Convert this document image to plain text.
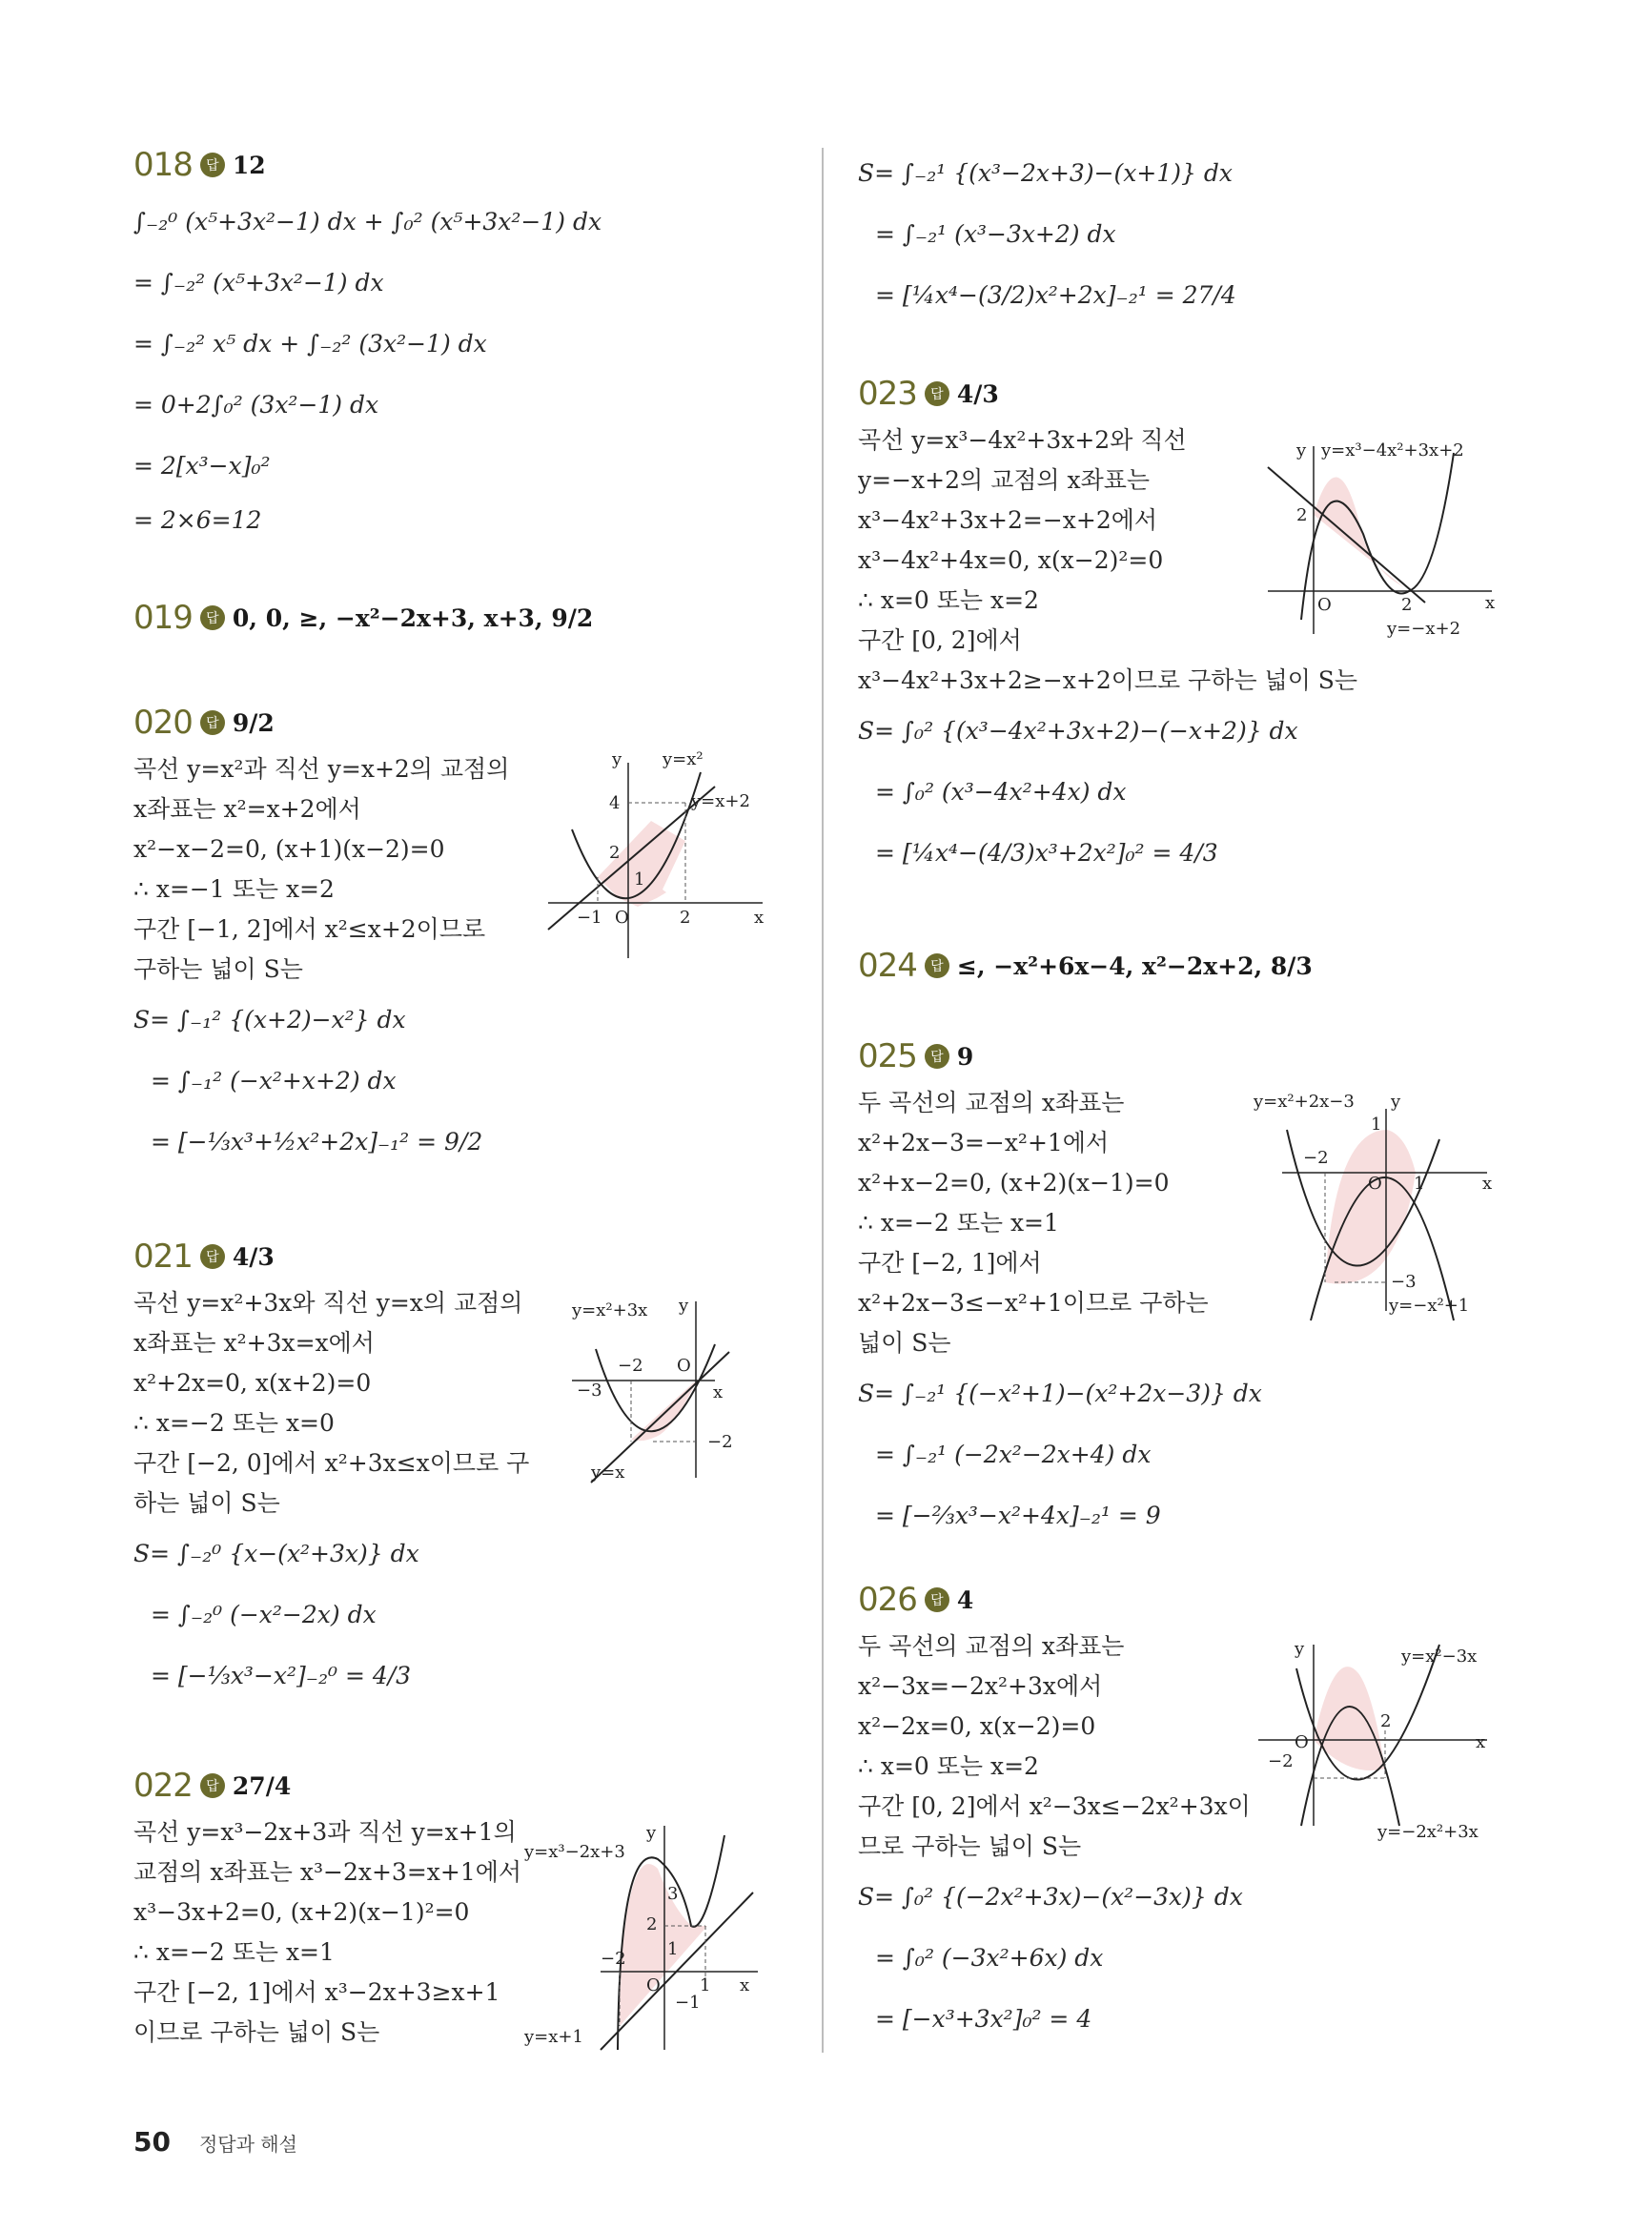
018	답 12
∫₋₂⁰ (x⁵+3x²−1) dx + ∫₀² (x⁵+3x²−1) dx
= ∫₋₂² (x⁵+3x²−1) dx
= ∫₋₂² x⁵ dx + ∫₋₂² (3x²−1) dx
= 0+2∫₀² (3x²−1) dx
= 2[x³−x]₀²
= 2×6=12
019	답 0, 0, ≥, −x²−2x+3, x+3, 9/2
020	답 9/2
곡선 y=x²과 직선 y=x+2의 교점의
x좌표는 x²=x+2에서
x²−x−2=0, (x+1)(x−2)=0
∴ x=−1 또는 x=2
구간 [−1, 2]에서 x²≤x+2이므로
구하는 넓이 S는
S= ∫₋₁² {(x+2)−x²} dx
= ∫₋₁² (−x²+x+2) dx
= [−⅓x³+½x²+2x]₋₁² = 9/2
y y=x²
y=x+2
4
2
1
−1 O	2	x
021	답 4/3
곡선 y=x²+3x와 직선 y=x의 교점의
x좌표는 x²+3x=x에서
x²+2x=0, x(x+2)=0
∴ x=−2 또는 x=0
구간 [−2, 0]에서 x²+3x≤x이므로 구
하는 넓이 S는
S= ∫₋₂⁰ {x−(x²+3x)} dx
= ∫₋₂⁰ (−x²−2x) dx
= [−⅓x³−x²]₋₂⁰ = 4/3
y=x²+3x y
−2 O
−3	x
−2
y=x
022	답 27/4
곡선 y=x³−2x+3과 직선 y=x+1의
교점의 x좌표는 x³−2x+3=x+1에서
x³−3x+2=0, (x+2)(x−1)²=0
∴ x=−2 또는 x=1
구간 [−2, 1]에서 x³−2x+3≥x+1
이므로 구하는 넓이 S는
y=x³−2x+3
y
3
2
1
−2
O 1 x
−1
y=x+1
S= ∫₋₂¹ {(x³−2x+3)−(x+1)} dx
= ∫₋₂¹ (x³−3x+2) dx
= [¼x⁴−(3/2)x²+2x]₋₂¹ = 27/4
023	답 4/3
곡선 y=x³−4x²+3x+2와 직선
y=−x+2의 교점의 x좌표는
x³−4x²+3x+2=−x+2에서
x³−4x²+4x=0, x(x−2)²=0
∴ x=0 또는 x=2
구간 [0, 2]에서
x³−4x²+3x+2≥−x+2이므로 구하는 넓이 S는
S= ∫₀² {(x³−4x²+3x+2)−(−x+2)} dx
= ∫₀² (x³−4x²+4x) dx
= [¼x⁴−(4/3)x³+2x²]₀² = 4/3
y y=x³−4x²+3x+2
2
O	2	x
y=−x+2
024	답 ≤, −x²+6x−4, x²−2x+2, 8/3
025	답 9
두 곡선의 교점의 x좌표는
x²+2x−3=−x²+1에서
x²+x−2=0, (x+2)(x−1)=0
∴ x=−2 또는 x=1
구간 [−2, 1]에서
x²+2x−3≤−x²+1이므로 구하는
넓이 S는
S= ∫₋₂¹ {(−x²+1)−(x²+2x−3)} dx
= ∫₋₂¹ (−2x²−2x+4) dx
= [−⅔x³−x²+4x]₋₂¹ = 9
y=x²+2x−3 y
1
−2
O 1	x
−3
y=−x²+1
026	답 4
두 곡선의 교점의 x좌표는
x²−3x=−2x²+3x에서
x²−2x=0, x(x−2)=0
∴ x=0 또는 x=2
구간 [0, 2]에서 x²−3x≤−2x²+3x이
므로 구하는 넓이 S는
S= ∫₀² {(−2x²+3x)−(x²−3x)} dx
= ∫₀² (−3x²+6x) dx
= [−x³+3x²]₀² = 4
y	y=x²−3x
2
O	x
−2
y=−2x²+3x
50 정답과 해설
